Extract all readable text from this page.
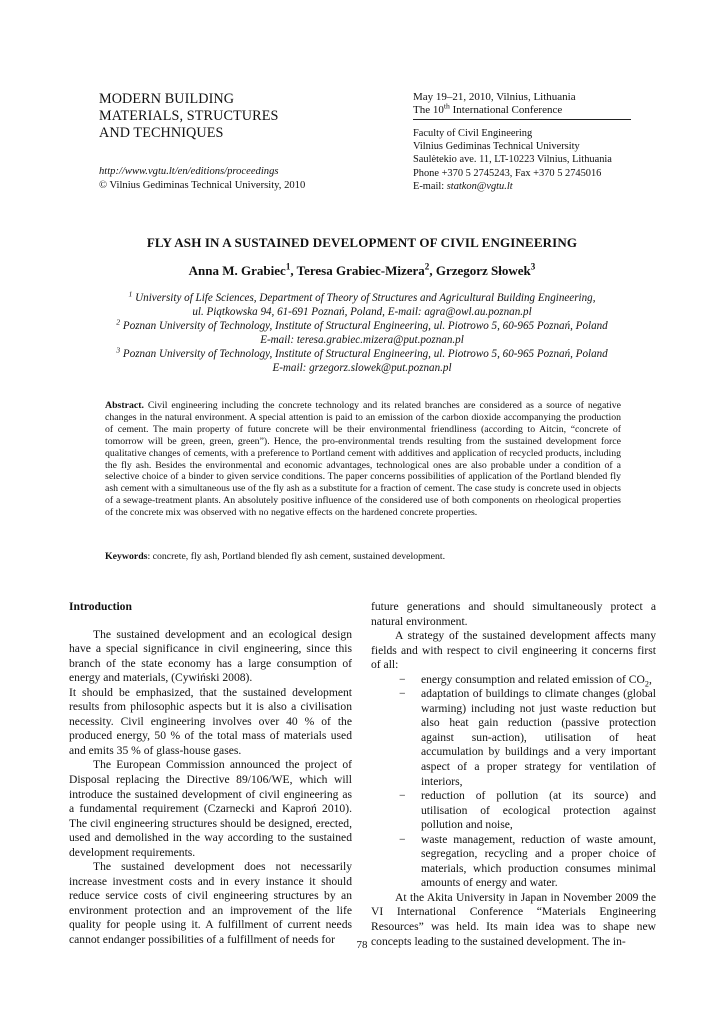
MODERN BUILDING
MATERIALS, STRUCTURES
AND TECHNIQUES
http://www.vgtu.lt/en/editions/proceedings
© Vilnius Gediminas Technical University, 2010
May 19–21, 2010, Vilnius, Lithuania
The 10th International Conference
Faculty of Civil Engineering
Vilnius Gediminas Technical University
Saulėtekio ave. 11, LT-10223 Vilnius, Lithuania
Phone +370 5 2745243, Fax +370 5 2745016
E-mail: statkon@vgtu.lt
FLY ASH IN A SUSTAINED DEVELOPMENT OF CIVIL ENGINEERING
Anna M. Grabiec$^1$, Teresa Grabiec-Mizera$^2$, Grzegorz Słowek$^3$
$^1$ University of Life Sciences, Department of Theory of Structures and Agricultural Building Engineering,
ul. Piątkowska 94, 61-691 Poznań, Poland, E-mail: agra@owl.au.poznan.pl
$^2$ Poznan University of Technology, Institute of Structural Engineering, ul. Piotrowo 5, 60-965 Poznań, Poland
E-mail: teresa.grabiec.mizera@put.poznan.pl
$^3$ Poznan University of Technology, Institute of Structural Engineering, ul. Piotrowo 5, 60-965 Poznań, Poland
E-mail: grzegorz.slowek@put.poznan.pl
Abstract. Civil engineering including the concrete technology and its related branches are considered as a source of negative changes in the natural environment. A special attention is paid to an emission of the carbon dioxide accompanying the production of cement. The main property of future concrete will be their environmental friendliness (according to Aitcin, “concrete of tomorrow will be green, green, green”). Hence, the pro-environmental trends resulting from the sustained development force qualitative changes of cements, with a preference to Portland cement with additives and application of recycled products, including the fly ash. Besides the environmental and economic advantages, technological ones are also probable under a condition of a selective choice of a binder to given service conditions. The paper concerns possibilities of application of the Portland blended fly ash cement with a simultaneous use of the fly ash as a substitute for a fraction of cement. The case study is concrete used in objects of a sewage-treatment plants. An absolutely positive influence of the considered use of both components on rheological properties of the concrete mix was observed with no negative effects on the hardened concrete properties.
Keywords: concrete, fly ash, Portland blended fly ash cement, sustained development.

Introduction

The sustained development and an ecological design have a special significance in civil engineering, since this branch of the state economy has a large consumption of energy and materials, (Cywiński 2008).

It should be emphasized, that the sustained development results from philosophic aspects but it is also a civilisation necessity. Civil engineering involves over 40 % of the produced energy, 50 % of the total mass of materials used and emits 35 % of glass-house gases.

The European Commission announced the project of Disposal replacing the Directive 89/106/WE, which will introduce the sustained development of civil engineering as a fundamental requirement (Czarnecki and Kaproń 2010). The civil engineering structures should be designed, erected, used and demolished in the way according to the sustained development requirements.

The sustained development does not necessarily increase investment costs and in every instance it should reduce service costs of civil engineering structures by an environment protection and an improvement of the life quality for people using it. A fulfillment of current needs cannot endanger possibilities of a fulfillment of needs for

future generations and should simultaneously protect a natural environment.

A strategy of the sustained development affects many fields and with respect to civil engineering it concerns first of all:

− energy consumption and related emission of $CO_2$,
− adaptation of buildings to climate changes (global warming) including not just waste reduction but also heat gain reduction (passive protection against sun-action), utilisation of heat accumulation by buildings and a very important aspect of a proper strategy for ventilation of interiors,
− reduction of pollution (at its source) and utilisation of ecological protection against pollution and noise,
− waste management, reduction of waste amount, segregation, recycling and a proper choice of materials, which production consumes minimal amounts of energy and water.

At the Akita University in Japan in November 2009 the VI International Conference “Materials Engineering Resources” was held. Its main idea was to shape new concepts leading to the sustained development. The in-

78
